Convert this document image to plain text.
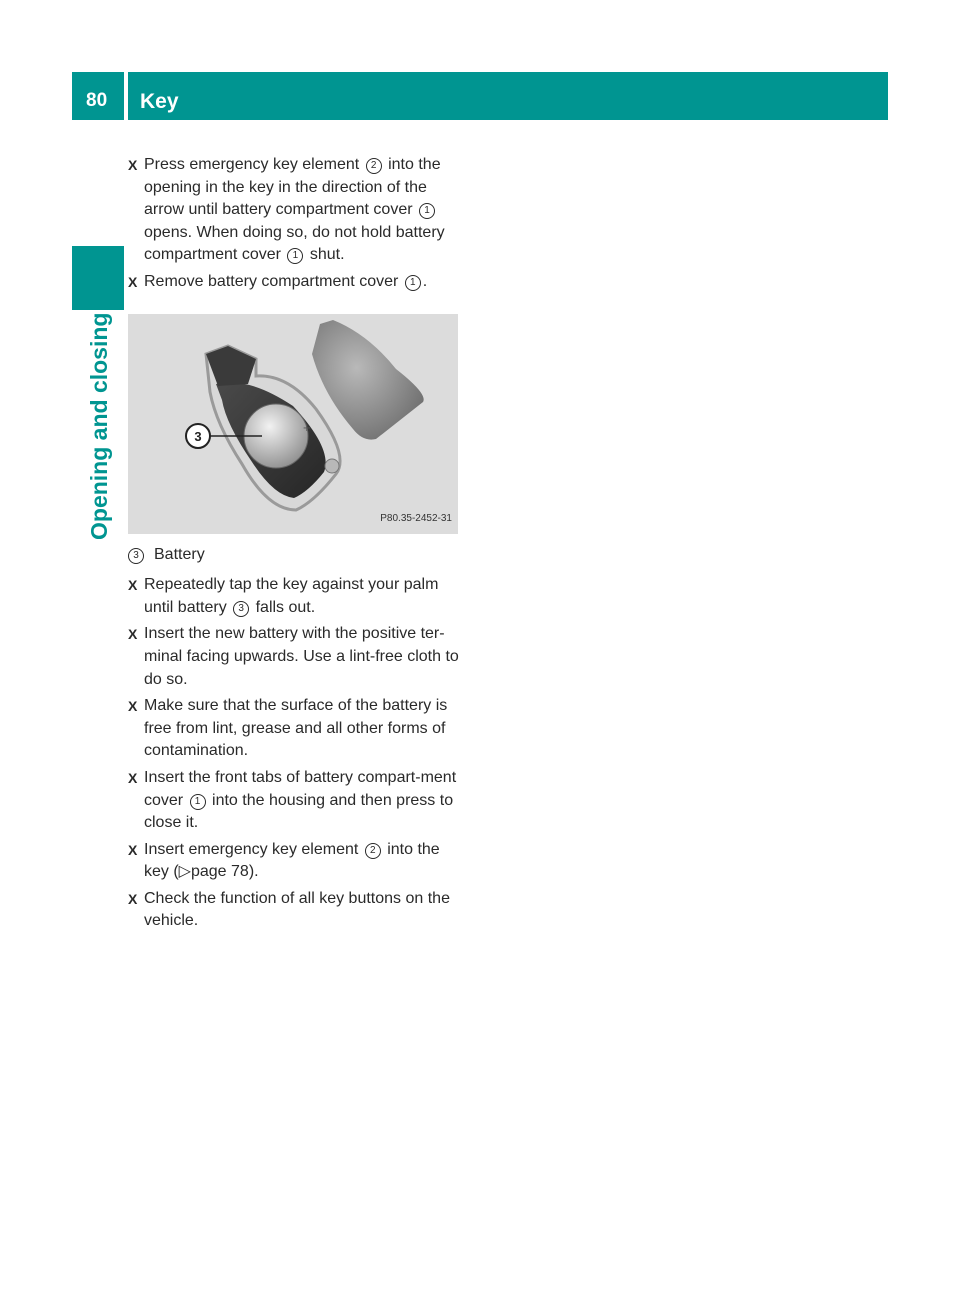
80 Key
Opening and closing
X Press emergency key element 2 into the opening in the key in the direction of the arrow until battery compartment cover 1 opens. When doing so, do not hold battery compartment cover 1 shut.
X Remove battery compartment cover 1 .
+
3
P80.35-2452-31
3 Battery
X Repeatedly tap the key against your palm until battery 3 falls out.
X Insert the new battery with the positive ter-minal facing upwards. Use a lint-free cloth to do so.
X Make sure that the surface of the battery is free from lint, grease and all other forms of contamination.
X Insert the front tabs of battery compart-ment cover 1 into the housing and then press to close it.
X Insert emergency key element 2 into the key (▷page 78).
X Check the function of all key buttons on the vehicle.
